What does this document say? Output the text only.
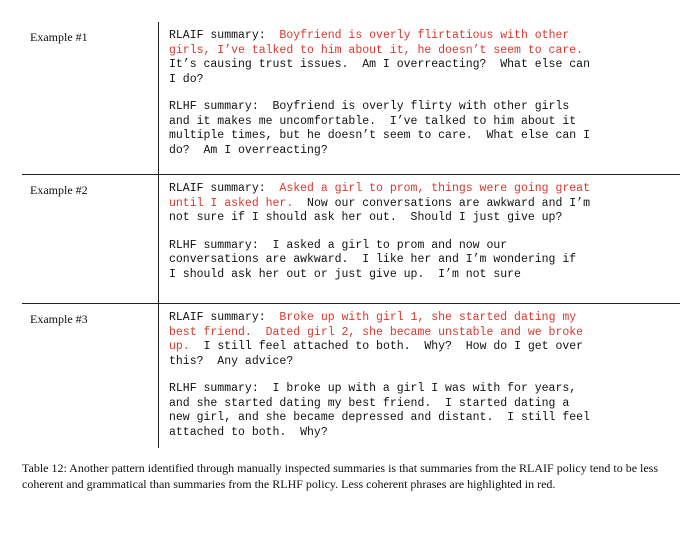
Example #1	RLAIF summary:  Boyfriend is overly flirtatious with other
girls, I’ve talked to him about it, he doesn’t seem to care.
It’s causing trust issues.  Am I overreacting?  What else can
I do?
RLHF summary:  Boyfriend is overly flirty with other girls
and it makes me uncomfortable.  I’ve talked to him about it
multiple times, but he doesn’t seem to care.  What else can I
do?  Am I overreacting?
Example #2	RLAIF summary:  Asked a girl to prom, things were going great
until I asked her.  Now our conversations are awkward and I’m
not sure if I should ask her out.  Should I just give up?
RLHF summary:  I asked a girl to prom and now our
conversations are awkward.  I like her and I’m wondering if
I should ask her out or just give up.  I’m not sure
Example #3	RLAIF summary:  Broke up with girl 1, she started dating my
best friend.  Dated girl 2, she became unstable and we broke
up.  I still feel attached to both.  Why?  How do I get over
this?  Any advice?
RLHF summary:  I broke up with a girl I was with for years,
and she started dating my best friend.  I started dating a
new girl, and she became depressed and distant.  I still feel
attached to both.  Why?

Table 12: Another pattern identified through manually inspected summaries is that summaries from the RLAIF policy tend to be less coherent and grammatical than summaries from the RLHF policy. Less coherent phrases are highlighted in red.
